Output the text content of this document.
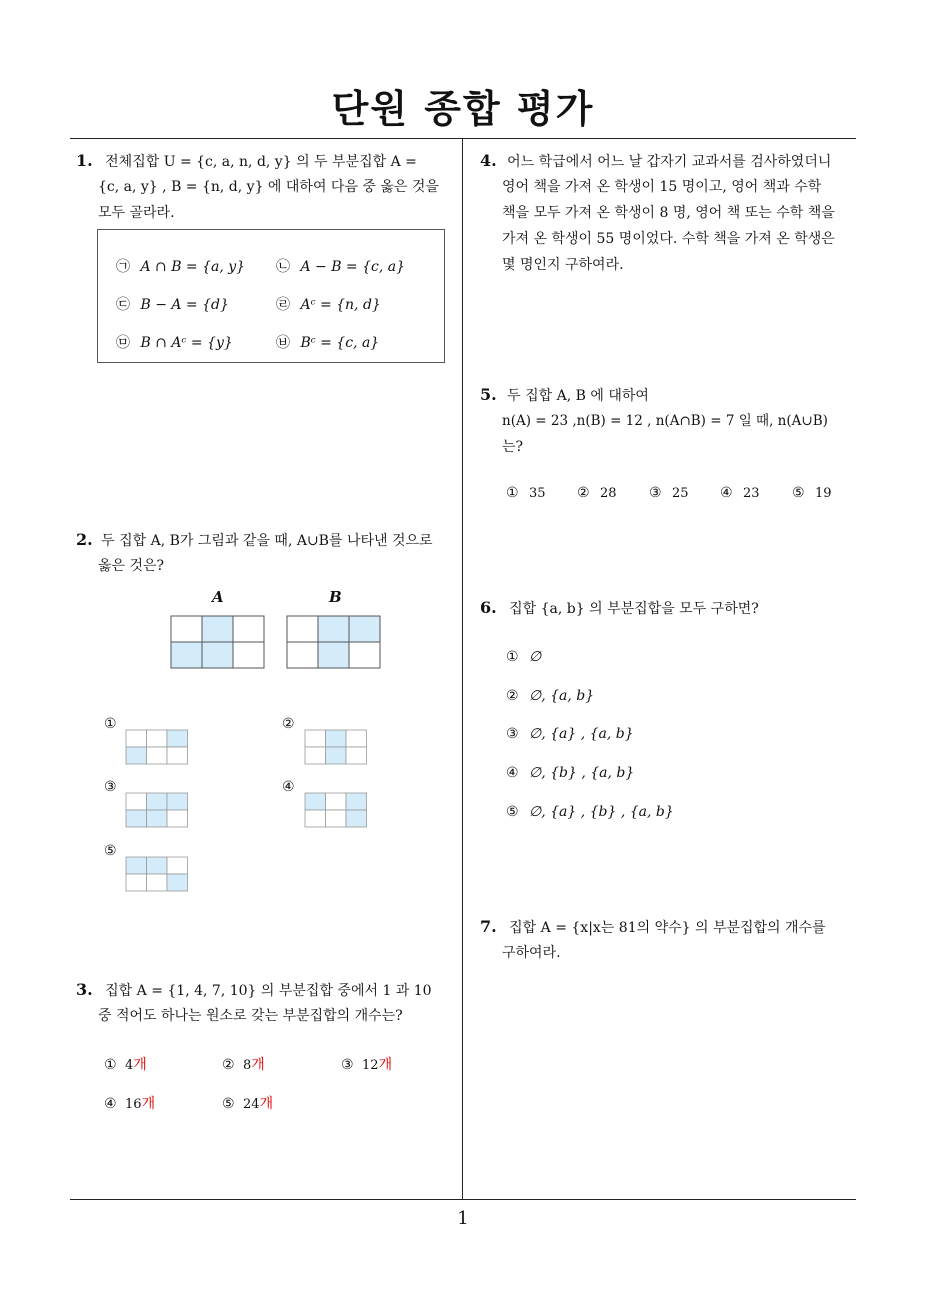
단원 종합 평가
1
1. 전체집합 U = {c, a, n, d, y} 의 두 부분집합 A =
{c, a, y} , B = {n, d, y} 에 대하여 다음 중 옳은 것을
모두 골라라.
㉠ A ∩ B = {a, y} ㉡ A − B = {c, a}
㉢ B − A = {d}	㉣ Aᶜ = {n, d}
㉤ B ∩ Aᶜ = {y}	㉥ Bᶜ = {c, a}
2. 두 집합 A, B가 그림과 같을 때, A∪B를 나타낸 것으로
옳은 것은?
A	B
①	②
③	④
⑤
3. 집합 A = {1, 4, 7, 10} 의 부분집합 중에서 1 과 10
중 적어도 하나는 원소로 갖는 부분집합의 개수는?
① 4개	② 8개	③ 12개
④ 16개	⑤ 24개
4. 어느 학급에서 어느 날 갑자기 교과서를 검사하였더니
영어 책을 가져 온 학생이 15 명이고, 영어 책과 수학
책을 모두 가져 온 학생이 8 명, 영어 책 또는 수학 책을
가져 온 학생이 55 명이었다. 수학 책을 가져 온 학생은
몇 명인지 구하여라.
5. 두 집합 A, B 에 대하여
n(A) = 23 ,n(B) = 12 , n(A∩B) = 7 일 때, n(A∪B)
는?
① 35 ② 28 ③ 25 ④ 23 ⑤ 19
6. 집합 {a, b} 의 부분집합을 모두 구하면?
① ∅
② ∅, {a, b}
③ ∅, {a} , {a, b}
④ ∅, {b} , {a, b}
⑤ ∅, {a} , {b} , {a, b}
7. 집합 A = {x|x는 81의 약수} 의 부분집합의 개수를
구하여라.
